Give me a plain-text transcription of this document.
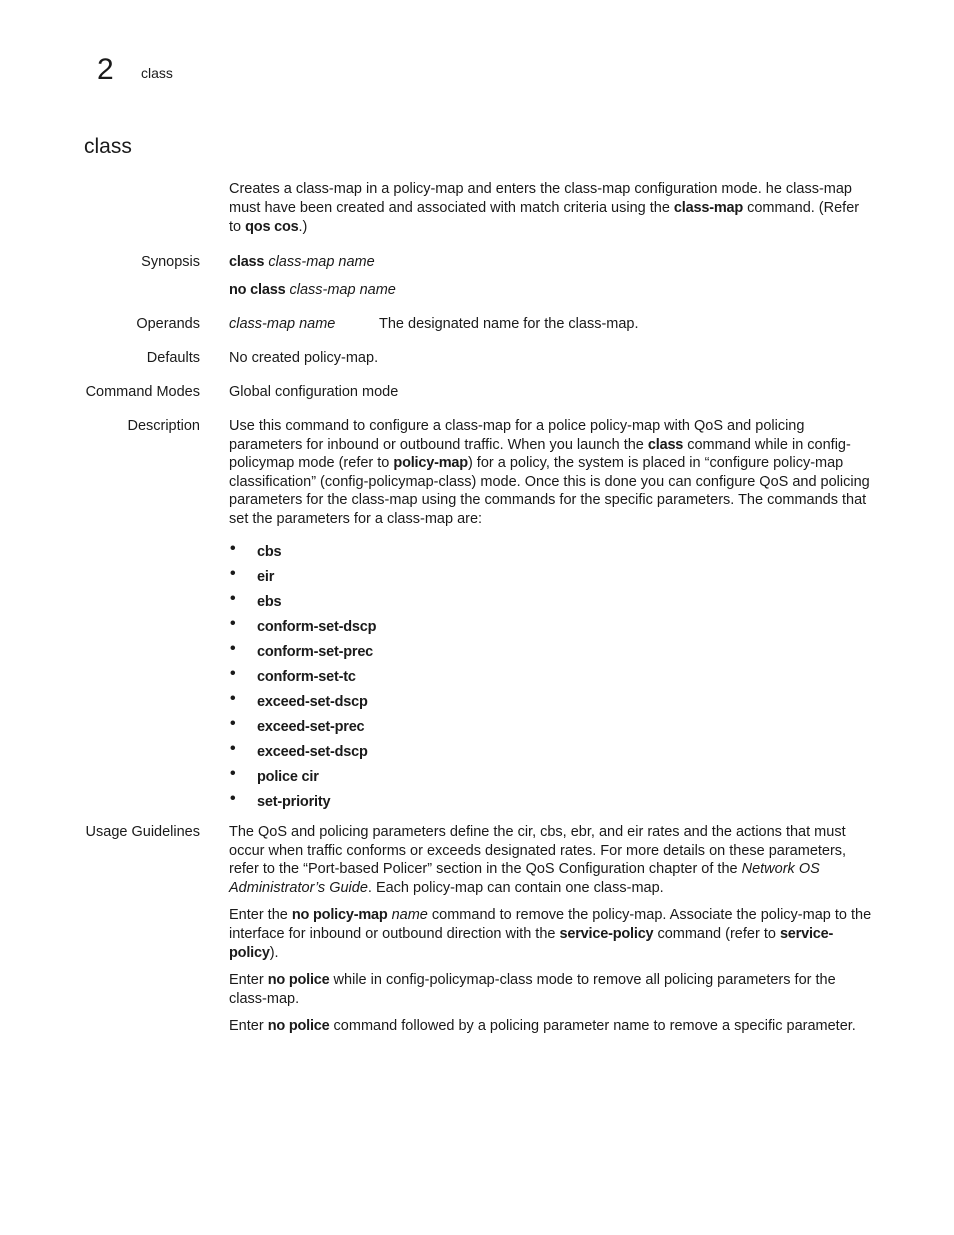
2 class
class

Creates a class-map in a policy-map and enters the class-map configuration mode. he class-map must have been created and associated with match criteria using the class-map command. (Refer to qos cos.)

Synopsis class class-map name
no class class-map name
Operands class-map name	The designated name for the class-map.
Defaults No created policy-map.
Command Modes Global configuration mode
Description Use this command to configure a class-map for a police policy-map with QoS and policing parameters for inbound or outbound traffic. When you launch the class command while in config-policymap mode (refer to policy-map) for a policy, the system is placed in “configure policy-map classification” (config-policymap-class) mode. Once this is done you can configure QoS and policing parameters for the class-map using the commands for the specific parameters. The commands that set the parameters for a class-map are:

• cbs
• eir
• ebs
• conform-set-dscp
• conform-set-prec
• conform-set-tc
• exceed-set-dscp
• exceed-set-prec
• exceed-set-dscp
• police cir
• set-priority
Usage Guidelines The QoS and policing parameters define the cir, cbs, ebr, and eir rates and the actions that must occur when traffic conforms or exceeds designated rates. For more details on these parameters, refer to the “Port-based Policer” section in the QoS Configuration chapter of the Network OS Administrator’s Guide. Each policy-map can contain one class-map.

Enter the no policy-map name command to remove the policy-map. Associate the policy-map to the interface for inbound or outbound direction with the service-policy command (refer to service-policy).

Enter no police while in config-policymap-class mode to remove all policing parameters for the class-map.

Enter no police command followed by a policing parameter name to remove a specific parameter.
